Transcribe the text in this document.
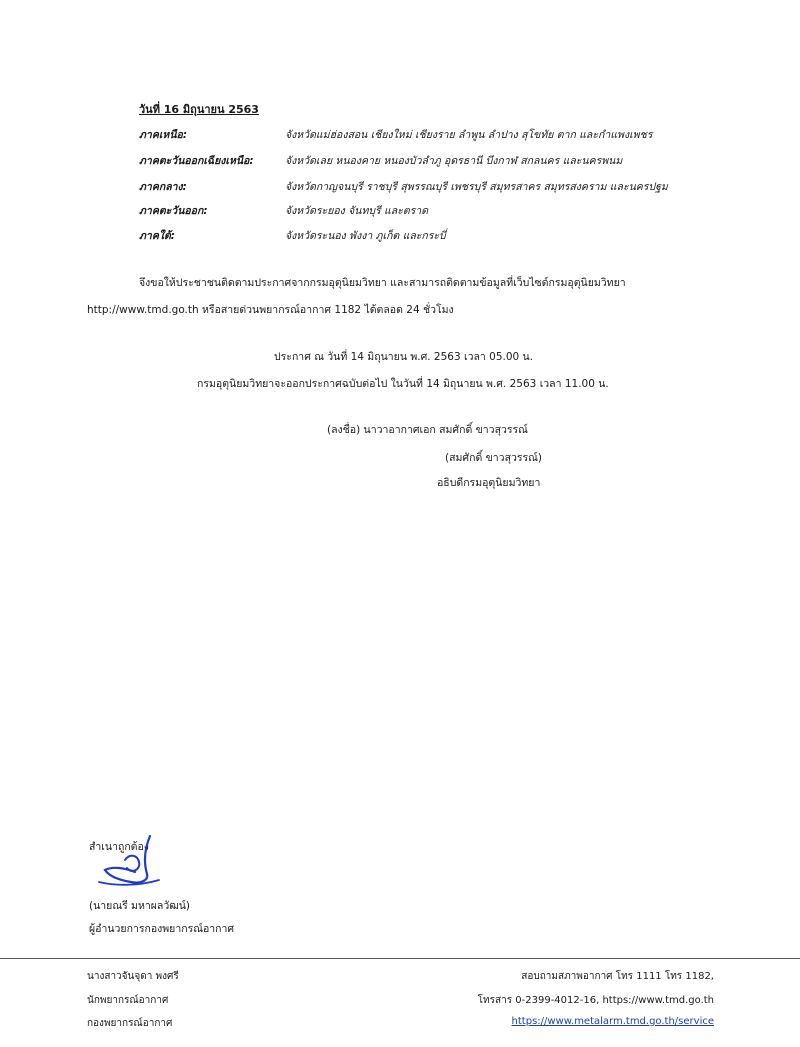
วันที่ 16 มิถุนายน 2563
ภาคเหนือ:	จังหวัดแม่ฮ่องสอน เชียงใหม่ เชียงราย ลำพูน ลำปาง สุโขทัย ตาก และกำแพงเพชร
ภาคตะวันออกเฉียงเหนือ:	จังหวัดเลย หนองคาย หนองบัวลำภู อุดรธานี บึงกาฬ สกลนคร และนครพนม
ภาคกลาง:	จังหวัดกาญจนบุรี ราชบุรี สุพรรณบุรี เพชรบุรี สมุทรสาคร สมุทรสงคราม และนครปฐม
ภาคตะวันออก:	จังหวัดระยอง จันทบุรี และตราด
ภาคใต้:	จังหวัดระนอง พังงา ภูเก็ต และกระบี่
จึงขอให้ประชาชนติดตามประกาศจากกรมอุตุนิยมวิทยา และสามารถติดตามข้อมูลที่เว็บไซต์กรมอุตุนิยมวิทยา
http://www.tmd.go.th หรือสายด่วนพยากรณ์อากาศ 1182 ได้ตลอด 24 ชั่วโมง
ประกาศ ณ วันที่ 14 มิถุนายน พ.ศ. 2563 เวลา 05.00 น.
กรมอุตุนิยมวิทยาจะออกประกาศฉบับต่อไป ในวันที่ 14 มิถุนายน พ.ศ. 2563 เวลา 11.00 น.
(ลงชื่อ) นาวาอากาศเอก สมศักดิ์ ขาวสุวรรณ์
(สมศักดิ์ ขาวสุวรรณ์)
อธิบดีกรมอุตุนิยมวิทยา
สำเนาถูกต้อง
(นายณรี มหาผลวัฒน์)
ผู้อำนวยการกองพยากรณ์อากาศ
นางสาวจันจุดา พงศรี
นักพยากรณ์อากาศ
กองพยากรณ์อากาศ
สอบถามสภาพอากาศ โทร 1111 โทร 1182,
โทรสาร 0-2399-4012-16, https://www.tmd.go.th
https://www.metalarm.tmd.go.th/service
